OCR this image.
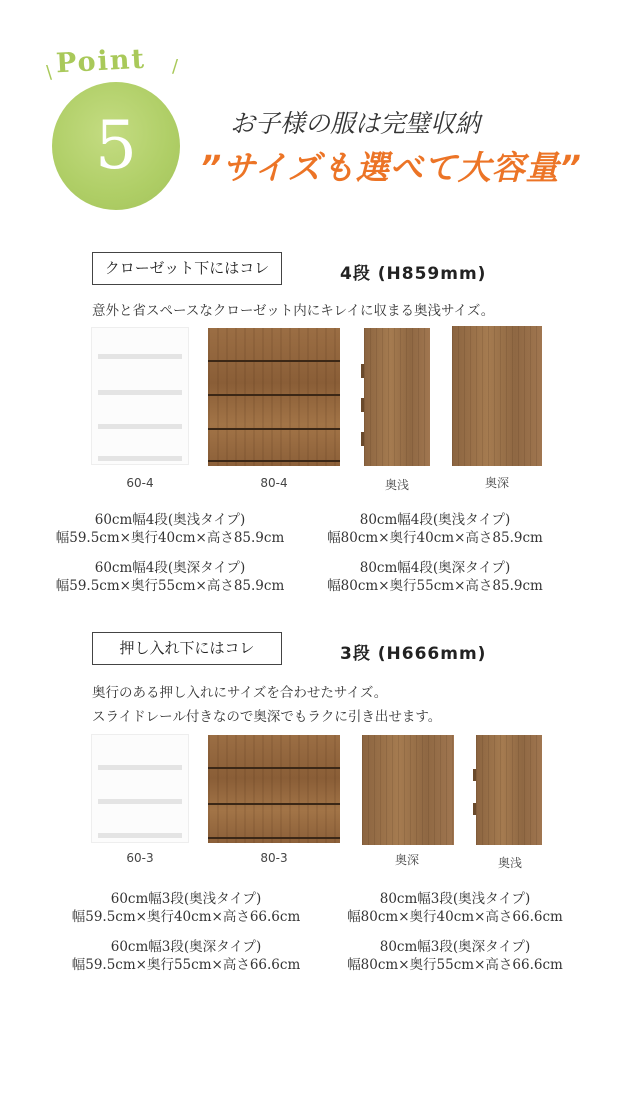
\ Point /
5	お子様の服は完璧収納
”サイズも選べて大容量”
クローゼット下にはコレ	4段 (H859mm)
意外と省スペースなクローゼット内にキレイに収まる奥浅サイズ。
60-4	80-4	奥浅	奥深
60cm幅4段(奥浅タイプ)
幅59.5cm×奥行40cm×高さ85.9cm
80cm幅4段(奥浅タイプ)
幅80cm×奥行40cm×高さ85.9cm
60cm幅4段(奥深タイプ)
幅59.5cm×奥行55cm×高さ85.9cm
80cm幅4段(奥深タイプ)
幅80cm×奥行55cm×高さ85.9cm
押し入れ下にはコレ	3段 (H666mm)
奥行のある押し入れにサイズを合わせたサイズ。
スライドレール付きなので奥深でもラクに引き出せます。
60-3	80-3	奥深	奥浅
60cm幅3段(奥浅タイプ)
幅59.5cm×奥行40cm×高さ66.6cm
80cm幅3段(奥浅タイプ)
幅80cm×奥行40cm×高さ66.6cm
60cm幅3段(奥深タイプ)
幅59.5cm×奥行55cm×高さ66.6cm
80cm幅3段(奥深タイプ)
幅80cm×奥行55cm×高さ66.6cm
